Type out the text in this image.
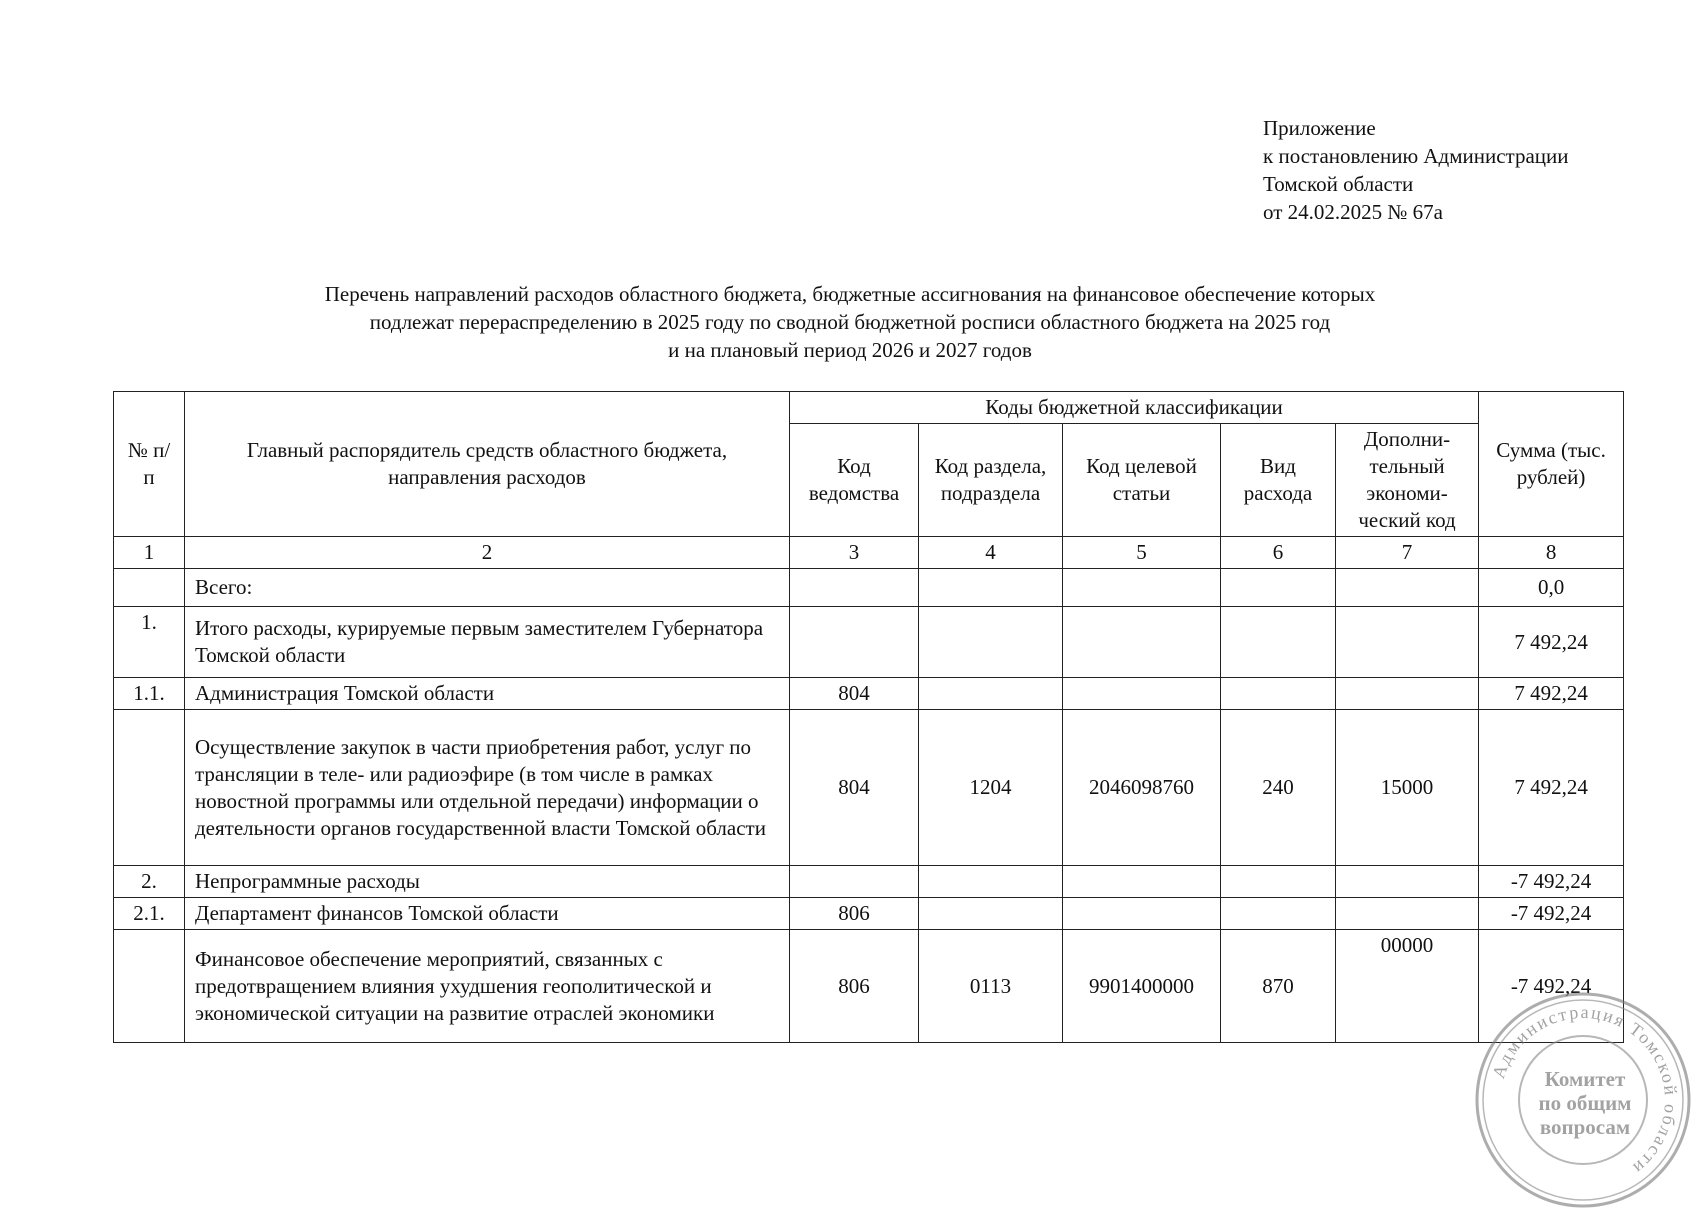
Приложение
к постановлению Администрации
Томской области
от 24.02.2025 № 67а
Перечень направлений расходов областного бюджета, бюджетные ассигнования на финансовое обеспечение которых
подлежат перераспределению в 2025 году по сводной бюджетной росписи областного бюджета на 2025 год
и на плановый период 2026 и 2027 годов
№ п/п	Главный распорядитель средств областного бюджета, направления расходов	Коды бюджетной классификации					Сумма (тыс. рублей)
		Код ведомства	Код раздела, подраздела	Код целевой статьи	Вид расхода	Дополни-тельный экономи-ческий код	
1	2	3	4	5	6	7	8
	Всего:						0,0
1.	Итого расходы, курируемые первым заместителем Губернатора Томской области						7 492,24
1.1.	Администрация Томской области	804					7 492,24
	Осуществление закупок в части приобретения работ, услуг по трансляции в теле- или радиоэфире (в том числе в рамках новостной программы или отдельной передачи) информации о деятельности органов государственной власти Томской области	804	1204	2046098760	240	15000	7 492,24
2.	Непрограммные расходы						-7 492,24
2.1.	Департамент финансов Томской области	806					-7 492,24
	Финансовое обеспечение мероприятий, связанных с предотвращением влияния ухудшения геополитической и экономической ситуации на развитие отраслей экономики	806	0113	9901400000	870	00000	-7 492,24
Администрация Томской области
Комитет
по общим
вопросам
